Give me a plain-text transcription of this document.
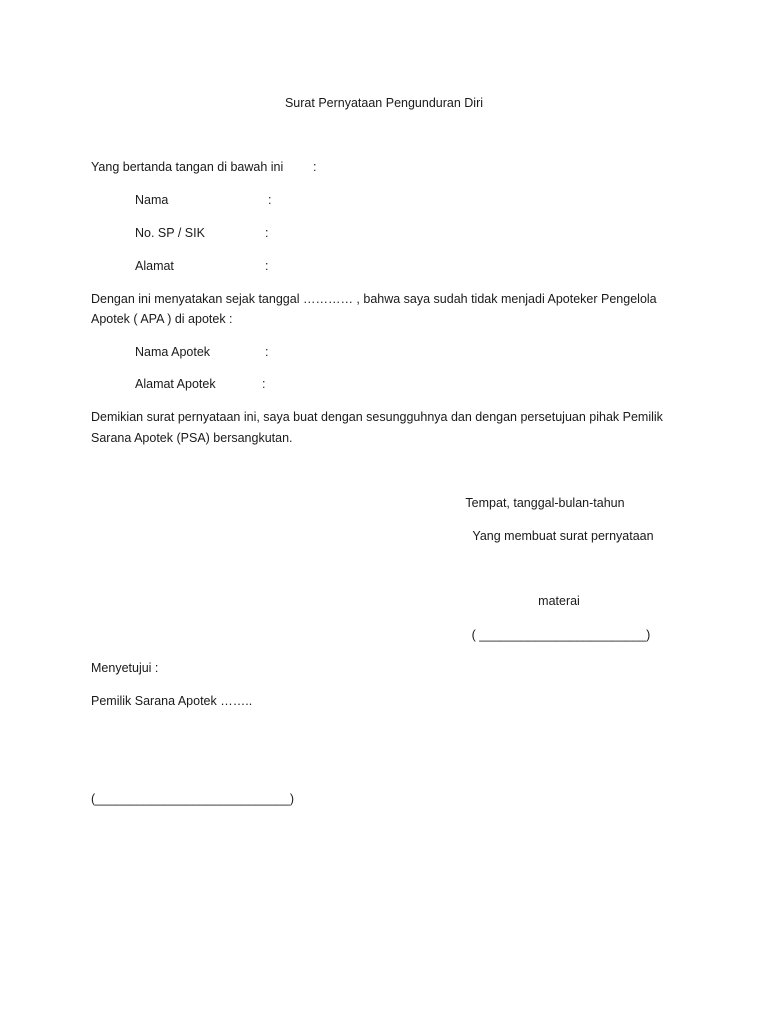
Surat Pernyataan Pengunduran Diri
Yang bertanda tangan di bawah ini :
Nama	:
No. SP / SIK	:
Alamat	:
Dengan ini menyatakan sejak tanggal ………… , bahwa saya sudah tidak menjadi Apoteker Pengelola
Apotek ( APA ) di apotek :
Nama Apotek	:
Alamat Apotek	:
Demikian surat pernyataan ini, saya buat dengan sesungguhnya dan dengan persetujuan pihak Pemilik
Sarana Apotek (PSA) bersangkutan.
Tempat, tanggal-bulan-tahun
Yang membuat surat pernyataan
materai
( ________________________)
Menyetujui :
Pemilik Sarana Apotek ……..
(____________________________)
